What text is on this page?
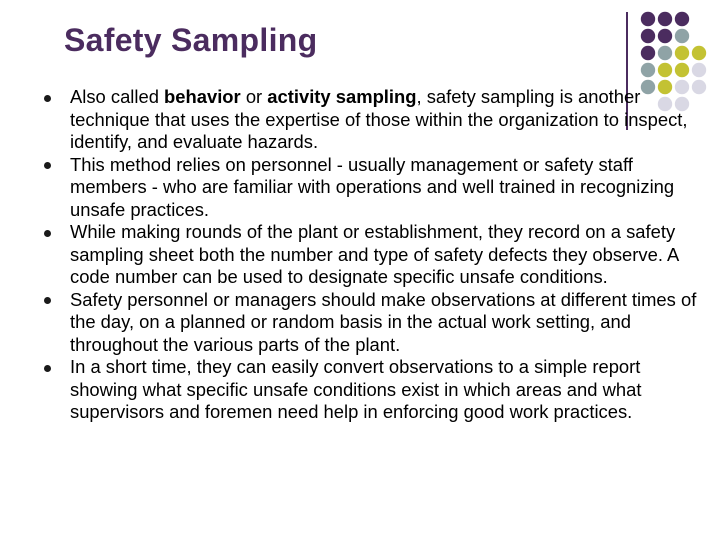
Safety Sampling
Also called behavior or activity sampling, safety sampling is another technique that uses the expertise of those within the organization to inspect, identify, and evaluate hazards.
This method relies on personnel - usually management or safety staff members - who are familiar with operations and well trained in recognizing unsafe practices.
While making rounds of the plant or establishment, they record on a safety sampling sheet both the number and type of safety defects they observe. A code number can be used to designate specific unsafe conditions.
Safety personnel or managers should make observations at different times of the day, on a planned or random basis in the actual work setting, and throughout the various parts of the plant.
In a short time, they can easily convert observations to a simple report showing what specific unsafe conditions exist in which areas and what supervisors and foremen need help in enforcing good work practices.
